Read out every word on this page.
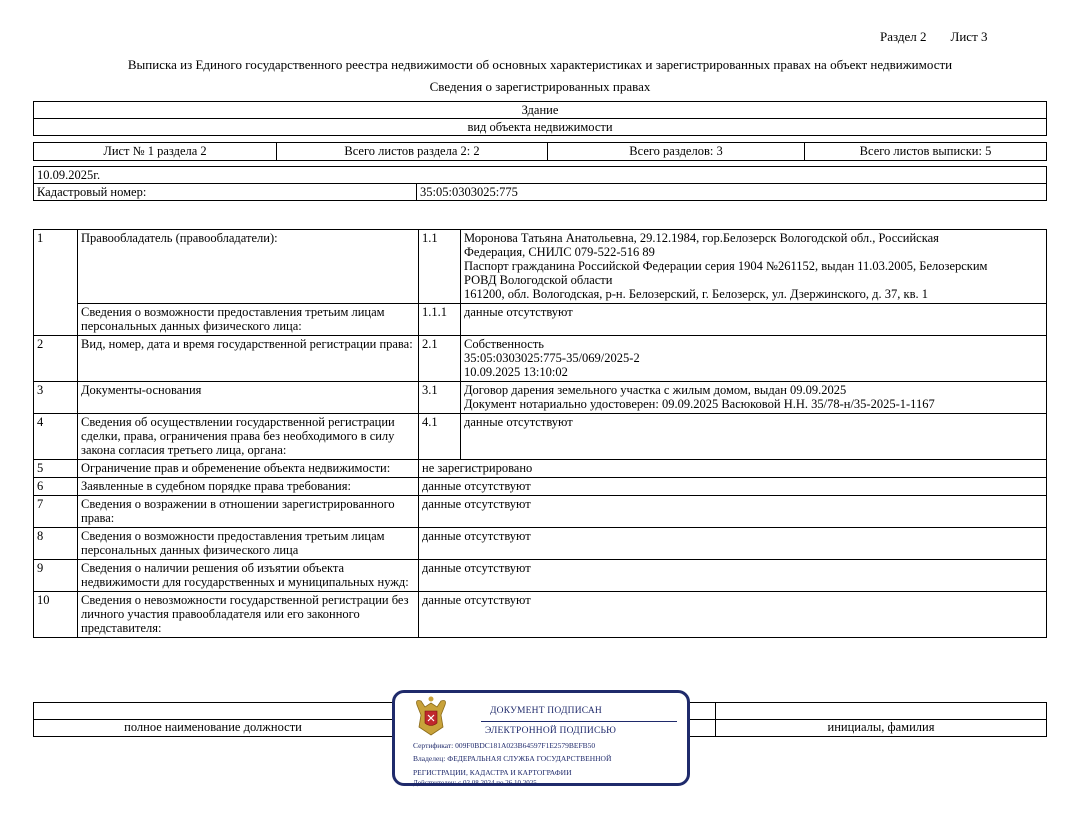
Раздел 2 Лист 3
Выписка из Единого государственного реестра недвижимости об основных характеристиках и зарегистрированных правах на объект недвижимости
Сведения о зарегистрированных правах
Здание
вид объекта недвижимости
Лист № 1 раздела 2	Всего листов раздела 2: 2	Всего разделов: 3	Всего листов выписки: 5
10.09.2025г.
Кадастровый номер:	35:05:0303025:775
1	Правообладатель (правообладатели):	1.1	Моронова Татьяна Анатольевна, 29.12.1984, гор.Белозерск Вологодской обл., Российская
Федерация, СНИЛС 079-522-516 89
Паспорт гражданина Российской Федерации серия 1904 №261152, выдан 11.03.2005, Белозерским
РОВД Вологодской области
161200, обл. Вологодская, р-н. Белозерский, г. Белозерск, ул. Дзержинского, д. 37, кв. 1

	Сведения о возможности предоставления третьим лицам персональных данных физического лица:	1.1.1	данные отсутствуют
2	Вид, номер, дата и время государственной регистрации права:	2.1	Собственность
35:05:0303025:775-35/069/2025-2
10.09.2025 13:10:02

3	Документы-основания	3.1	Договор дарения земельного участка с жилым домом, выдан 09.09.2025
Документ нотариально удостоверен: 09.09.2025 Васюковой Н.Н. 35/78-н/35-2025-1-1167

4	Сведения об осуществлении государственной регистрации сделки, права, ограничения права без необходимого в силу закона согласия третьего лица, органа:	4.1	данные отсутствуют
5	Ограничение прав и обременение объекта недвижимости:	не зарегистрировано	
6	Заявленные в судебном порядке права требования:	данные отсутствуют	
7	Сведения о возражении в отношении зарегистрированного права:	данные отсутствуют	
8	Сведения о возможности предоставления третьим лицам персональных данных физического лица	данные отсутствуют	
9	Сведения о наличии решения об изъятии объекта недвижимости для государственных и муниципальных нужд:	данные отсутствуют	
10	Сведения о невозможности государственной регистрации без личного участия правообладателя или его законного представителя:	данные отсутствуют	

полное наименование должности		инициалы, фамилия
ДОКУМЕНТ ПОДПИСАН
ЭЛЕКТРОННОЙ ПОДПИСЬЮ
Сертификат: 009F0BDC181A023B64597F1E2579BEFB50
Владелец: ФЕДЕРАЛЬНАЯ СЛУЖБА ГОСУДАРСТВЕННОЙ
РЕГИСТРАЦИИ, КАДАСТРА И КАРТОГРАФИИ
Действителен: с 02.08.2024 по 26.10.2025
